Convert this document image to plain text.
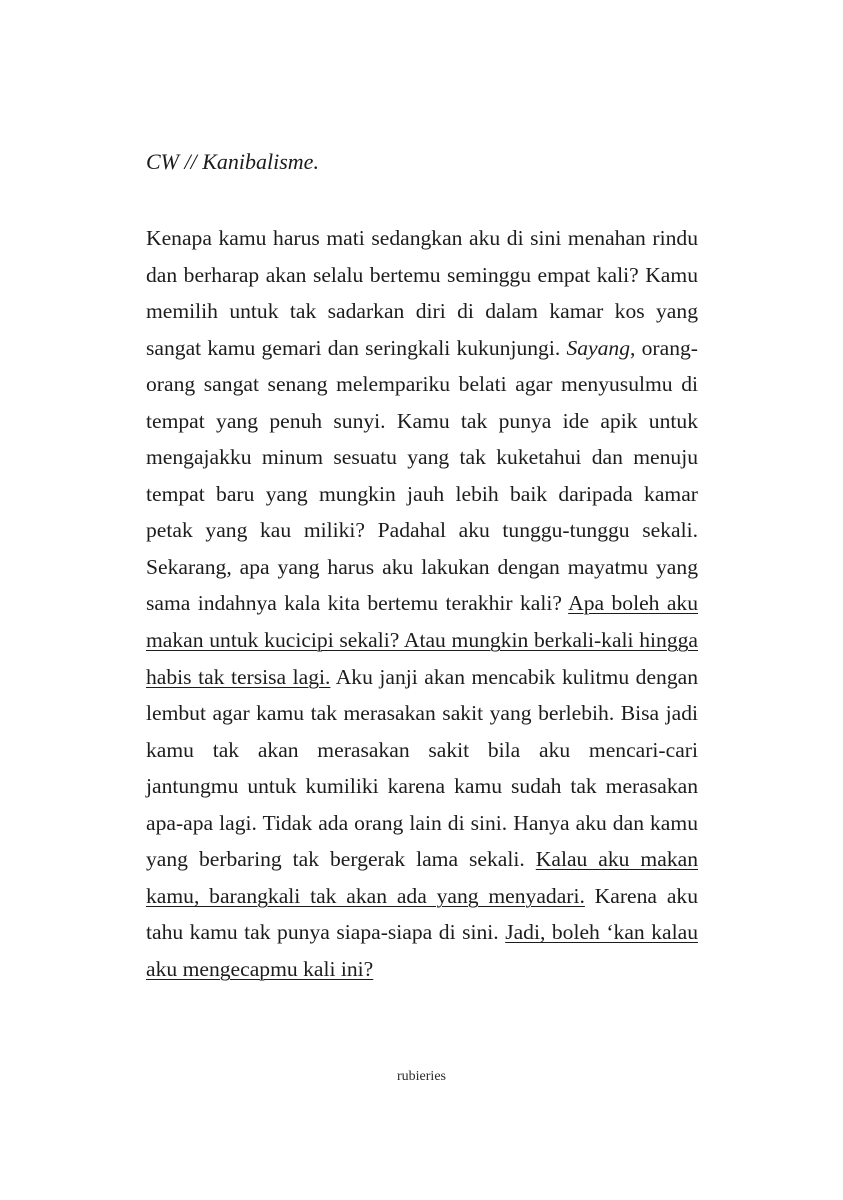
CW // Kanibalisme.

Kenapa kamu harus mati sedangkan aku di sini menahan rindu dan berharap akan selalu bertemu seminggu empat kali? Kamu memilih untuk tak sadarkan diri di dalam kamar kos yang sangat kamu gemari dan seringkali kukunjungi. Sayang, orang-orang sangat senang melempariku belati agar menyusulmu di tempat yang penuh sunyi. Kamu tak punya ide apik untuk mengajakku minum sesuatu yang tak kuketahui dan menuju tempat baru yang mungkin jauh lebih baik daripada kamar petak yang kau miliki? Padahal aku tunggu-tunggu sekali. Sekarang, apa yang harus aku lakukan dengan mayatmu yang sama indahnya kala kita bertemu terakhir kali? Apa boleh aku makan untuk kucicipi sekali? Atau mungkin berkali-kali hingga habis tak tersisa lagi. Aku janji akan mencabik kulitmu dengan lembut agar kamu tak merasakan sakit yang berlebih. Bisa jadi kamu tak akan merasakan sakit bila aku mencari-cari jantungmu untuk kumiliki karena kamu sudah tak merasakan apa-apa lagi. Tidak ada orang lain di sini. Hanya aku dan kamu yang berbaring tak bergerak lama sekali. Kalau aku makan kamu, barangkali tak akan ada yang menyadari. Karena aku tahu kamu tak punya siapa-siapa di sini. Jadi, boleh ‘kan kalau aku mengecapmu kali ini?

rubieries
